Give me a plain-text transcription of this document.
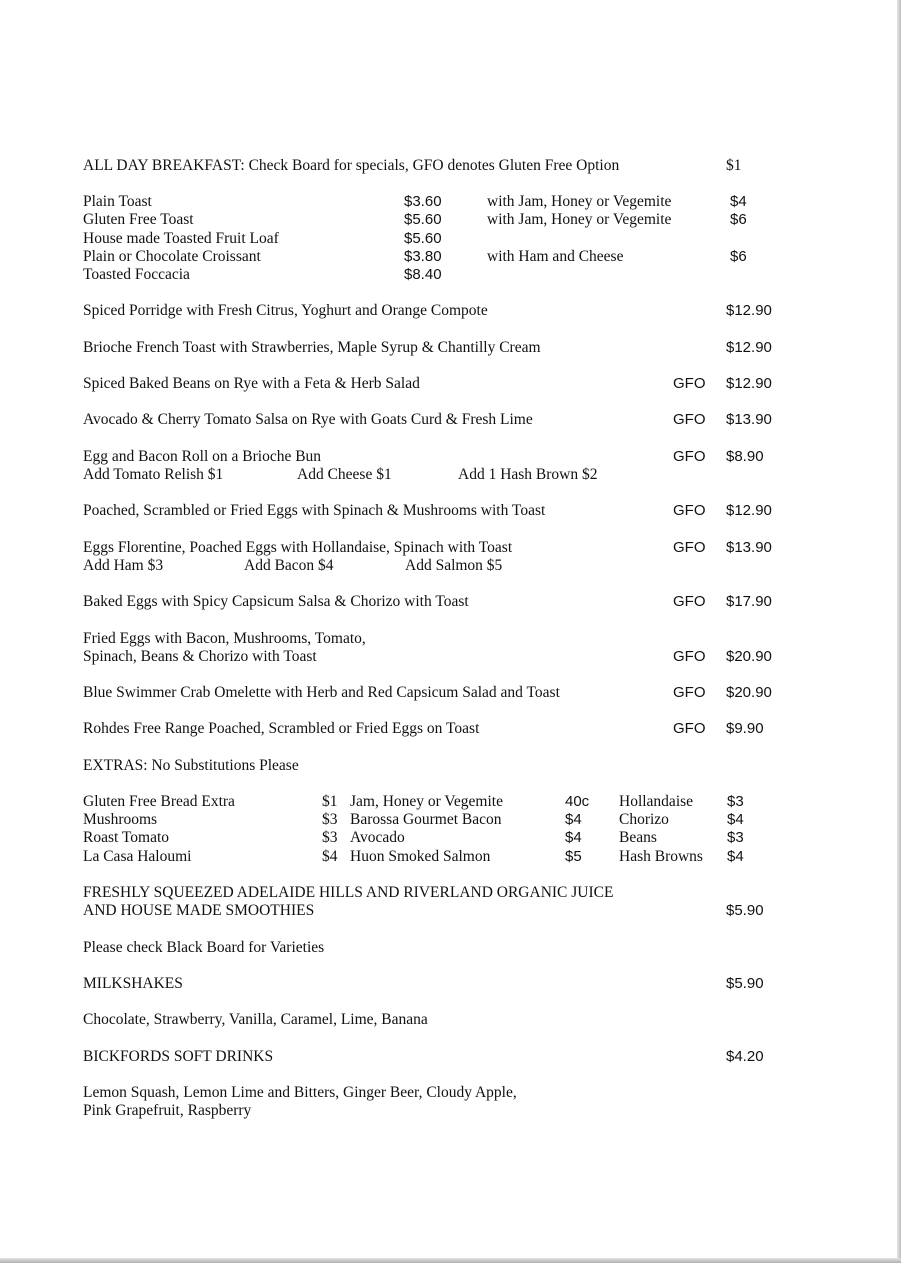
ALL DAY BREAKFAST: Check Board for specials, GFO denotes Gluten Free Option	$1
Plain Toast	$3.60	with Jam, Honey or Vegemite	$4
Gluten Free Toast	$5.60	with Jam, Honey or Vegemite	$6
House made Toasted Fruit Loaf	$5.60
Plain or Chocolate Croissant	$3.80	with Ham and Cheese	$6
Toasted Foccacia	$8.40
Spiced Porridge with Fresh Citrus, Yoghurt and Orange Compote	$12.90
Brioche French Toast with Strawberries, Maple Syrup & Chantilly Cream	$12.90
Spiced Baked Beans on Rye with a Feta & Herb Salad	GFO $12.90
Avocado & Cherry Tomato Salsa on Rye with Goats Curd & Fresh Lime	GFO $13.90
Egg and Bacon Roll on a Brioche Bun	GFO $8.90
Add Tomato Relish $1	Add Cheese $1	Add 1 Hash Brown $2
Poached, Scrambled or Fried Eggs with Spinach & Mushrooms with Toast	GFO $12.90
Eggs Florentine, Poached Eggs with Hollandaise, Spinach with Toast	GFO $13.90
Add Ham $3	Add Bacon $4	Add Salmon $5
Baked Eggs with Spicy Capsicum Salsa & Chorizo with Toast	GFO $17.90
Fried Eggs with Bacon, Mushrooms, Tomato,
Spinach, Beans & Chorizo with Toast	GFO $20.90
Blue Swimmer Crab Omelette with Herb and Red Capsicum Salad and Toast	GFO $20.90
Rohdes Free Range Poached, Scrambled or Fried Eggs on Toast	GFO $9.90
EXTRAS: No Substitutions Please
Gluten Free Bread Extra	$1 Jam, Honey or Vegemite	40c Hollandaise $3
Mushrooms	$3 Barossa Gourmet Bacon	$4 Chorizo	$4
Roast Tomato	$3 Avocado	$4 Beans	$3
La Casa Haloumi	$4 Huon Smoked Salmon	$5 Hash Browns $4
FRESHLY SQUEEZED ADELAIDE HILLS AND RIVERLAND ORGANIC JUICE
AND HOUSE MADE SMOOTHIES	$5.90
Please check Black Board for Varieties
MILKSHAKES	$5.90
Chocolate, Strawberry, Vanilla, Caramel, Lime, Banana
BICKFORDS SOFT DRINKS	$4.20
Lemon Squash, Lemon Lime and Bitters, Ginger Beer, Cloudy Apple,
Pink Grapefruit, Raspberry
